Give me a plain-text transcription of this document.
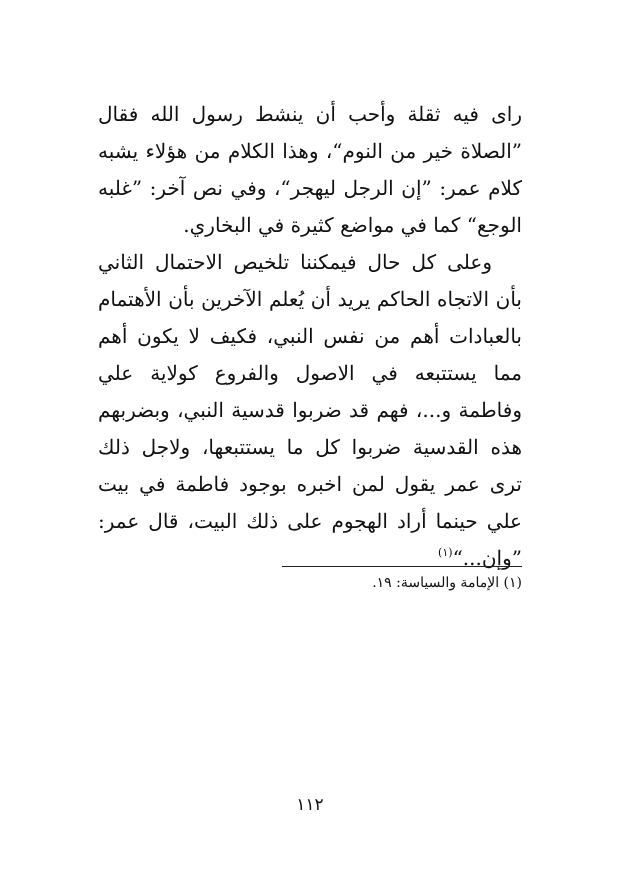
راى فيه ثقلة وأحب أن ينشط رسول الله فقال ”الصلاة خير من النوم“، وهذا الكلام من هؤلاء يشبه كلام عمر: ”إن الرجل ليهجر“، وفي نص آخر: ”غلبه الوجع“ كما في مواضع كثيرة في البخاري.

وعلى كل حال فيمكننا تلخيص الاحتمال الثاني بأن الاتجاه الحاكم يريد أن يُعلم الآخرين بأن الأهتمام بالعبادات أهم من نفس النبي، فكيف لا يكون أهم مما يستتبعه في الاصول والفروع كولاية علي وفاطمة و...، فهم قد ضربوا قدسية النبي، وبضربهم هذه القدسية ضربوا كل ما يستتبعها، ولاجل ذلك ترى عمر يقول لمن اخبره بوجود فاطمة في بيت علي حينما أراد الهجوم على ذلك البيت، قال عمر: ”وإن...“$^{(١)}$

(١) الإمامة والسياسة: ١٩.
١١٢
